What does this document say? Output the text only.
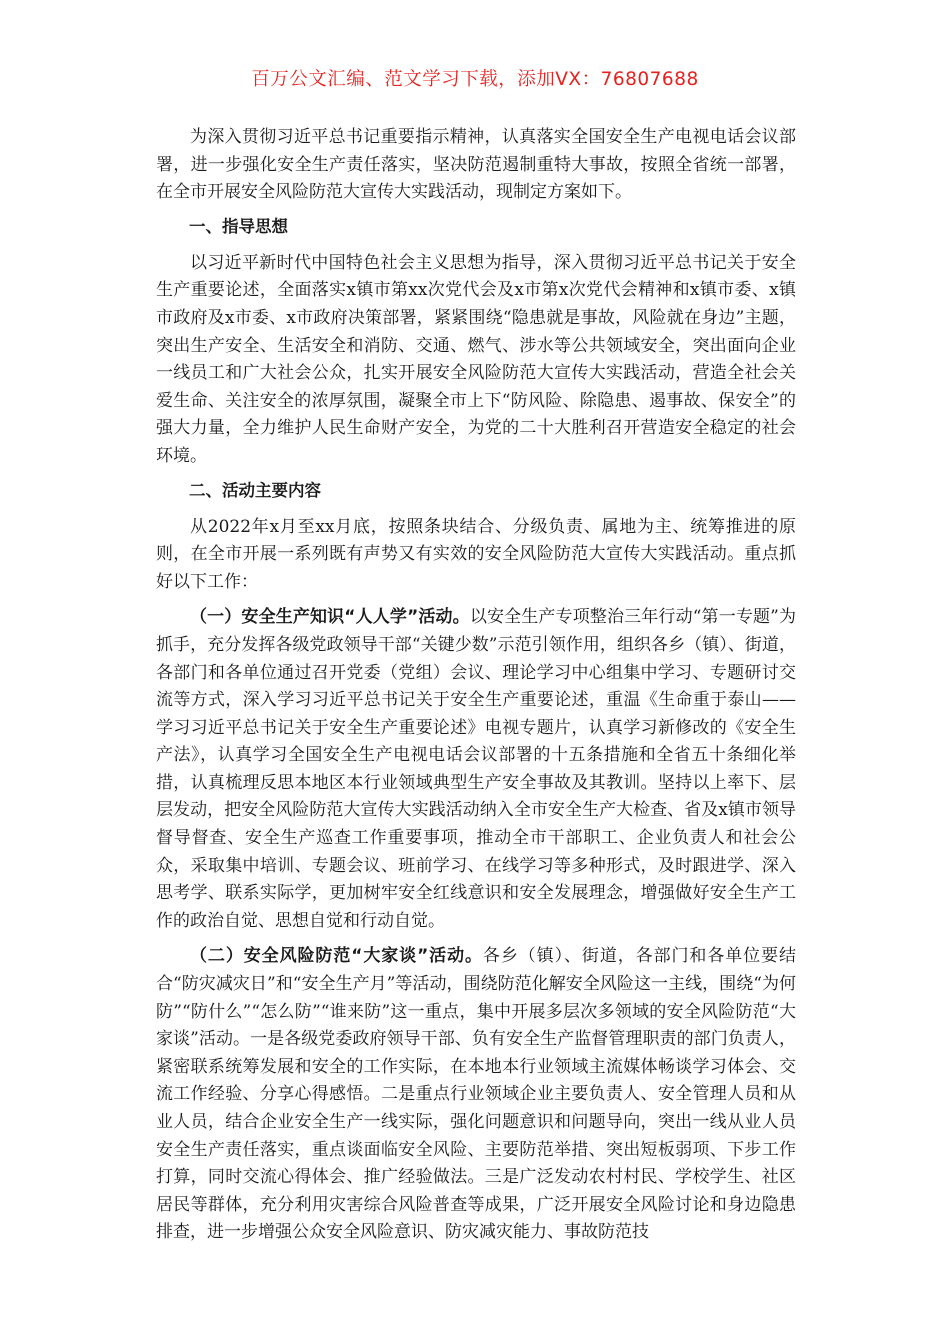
百万公文汇编、范文学习下载，添加VX：76807688

为深入贯彻习近平总书记重要指示精神，认真落实全国安全生产电视电话会议部署，进一步强化安全生产责任落实，坚决防范遏制重特大事故，按照全省统一部署，在全市开展安全风险防范大宣传大实践活动，现制定方案如下。

一、指导思想

以习近平新时代中国特色社会主义思想为指导，深入贯彻习近平总书记关于安全生产重要论述，全面落实x镇市第xx次党代会及x市第x次党代会精神和x镇市委、x镇市政府及x市委、x市政府决策部署，紧紧围绕“隐患就是事故，风险就在身边”主题，突出生产安全、生活安全和消防、交通、燃气、涉水等公共领域安全，突出面向企业一线员工和广大社会公众，扎实开展安全风险防范大宣传大实践活动，营造全社会关爱生命、关注安全的浓厚氛围，凝聚全市上下“防风险、除隐患、遏事故、保安全”的强大力量，全力维护人民生命财产安全，为党的二十大胜利召开营造安全稳定的社会环境。

二、活动主要内容

从2022年x月至xx月底，按照条块结合、分级负责、属地为主、统筹推进的原则，在全市开展一系列既有声势又有实效的安全风险防范大宣传大实践活动。重点抓好以下工作：

（一）安全生产知识“人人学”活动。以安全生产专项整治三年行动“第一专题”为抓手，充分发挥各级党政领导干部“关键少数”示范引领作用，组织各乡（镇）、街道，各部门和各单位通过召开党委（党组）会议、理论学习中心组集中学习、专题研讨交流等方式，深入学习习近平总书记关于安全生产重要论述，重温《生命重于泰山——学习习近平总书记关于安全生产重要论述》电视专题片，认真学习新修改的《安全生产法》，认真学习全国安全生产电视电话会议部署的十五条措施和全省五十条细化举措，认真梳理反思本地区本行业领域典型生产安全事故及其教训。坚持以上率下、层层发动，把安全风险防范大宣传大实践活动纳入全市安全生产大检查、省及x镇市领导督导督查、安全生产巡查工作重要事项，推动全市干部职工、企业负责人和社会公众，采取集中培训、专题会议、班前学习、在线学习等多种形式，及时跟进学、深入思考学、联系实际学，更加树牢安全红线意识和安全发展理念，增强做好安全生产工作的政治自觉、思想自觉和行动自觉。

（二）安全风险防范“大家谈”活动。各乡（镇）、街道，各部门和各单位要结合“防灾减灾日”和“安全生产月”等活动，围绕防范化解安全风险这一主线，围绕“为何防”“防什么”“怎么防”“谁来防”这一重点，集中开展多层次多领域的安全风险防范“大家谈”活动。一是各级党委政府领导干部、负有安全生产监督管理职责的部门负责人，紧密联系统筹发展和安全的工作实际，在本地本行业领域主流媒体畅谈学习体会、交流工作经验、分享心得感悟。二是重点行业领域企业主要负责人、安全管理人员和从业人员，结合企业安全生产一线实际，强化问题意识和问题导向，突出一线从业人员安全生产责任落实，重点谈面临安全风险、主要防范举措、突出短板弱项、下步工作打算，同时交流心得体会、推广经验做法。三是广泛发动农村村民、学校学生、社区居民等群体，充分利用灾害综合风险普查等成果，广泛开展安全风险讨论和身边隐患排查，进一步增强公众安全风险意识、防灾减灾能力、事故防范技
